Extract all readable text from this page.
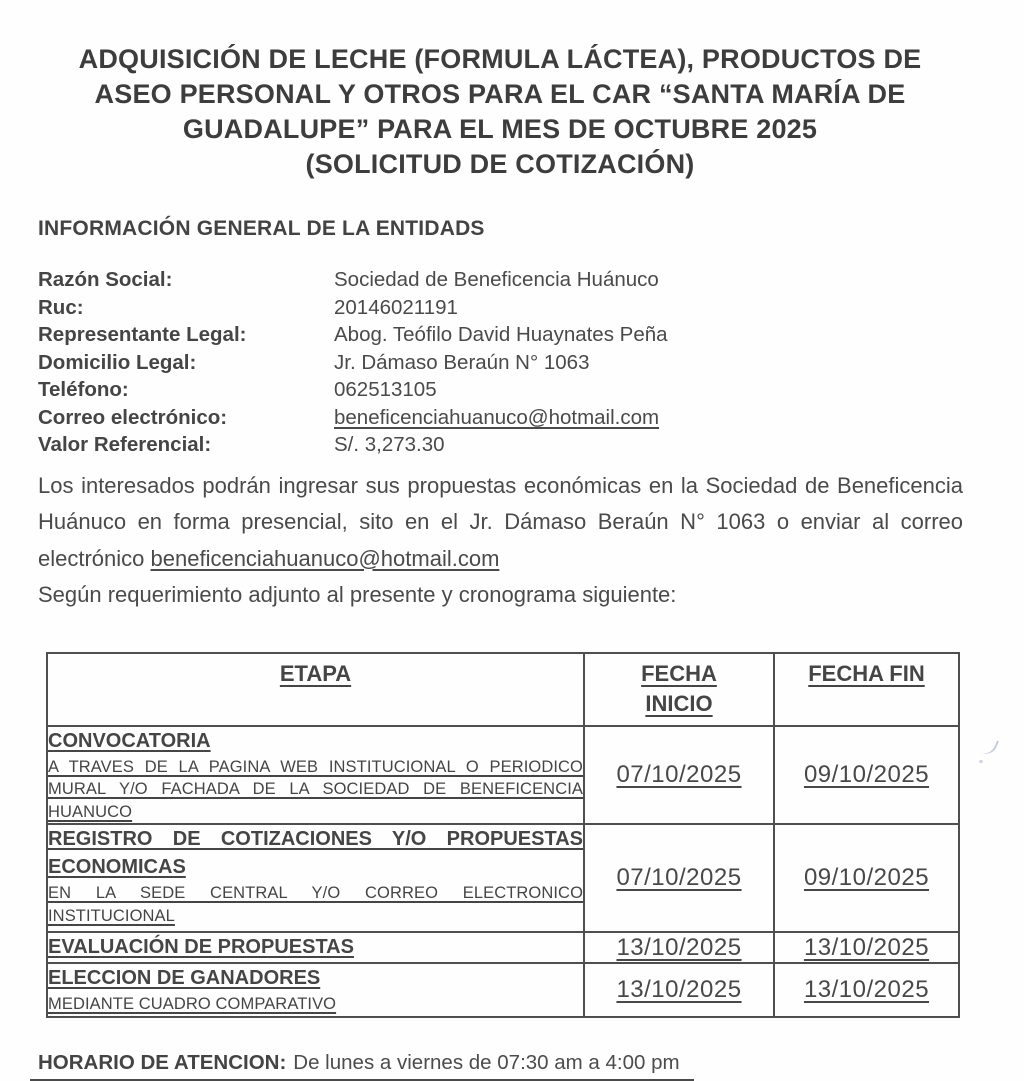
ADQUISICIÓN DE LECHE (FORMULA LÁCTEA), PRODUCTOS DE
ASEO PERSONAL Y OTROS PARA EL CAR “SANTA MARÍA DE
GUADALUPE” PARA EL MES DE OCTUBRE 2025
(SOLICITUD DE COTIZACIÓN)
INFORMACIÓN GENERAL DE LA ENTIDADS
Razón Social:	Sociedad de Beneficencia Huánuco
Ruc:	20146021191
Representante Legal:	Abog. Teófilo David Huaynates Peña
Domicilio Legal:	Jr. Dámaso Beraún N° 1063
Teléfono:	062513105
Correo electrónico:	beneficenciahuanuco@hotmail.com
Valor Referencial:	S/. 3,273.30
Los interesados podrán ingresar sus propuestas económicas en la Sociedad de Beneficencia Huánuco en forma presencial, sito en el Jr. Dámaso Beraún N° 1063 o enviar al correo electrónico beneficenciahuanuco@hotmail.com
Según requerimiento adjunto al presente y cronograma siguiente:
ETAPA	FECHA INICIO	FECHA FIN

CONVOCATORIA
A TRAVES DE LA PAGINA WEB INSTITUCIONAL O PERIODICO MURAL Y/O FACHADA DE LA SOCIEDAD DE BENEFICENCIA HUANUCO	07/10/2025	09/10/2025

REGISTRO DE COTIZACIONES Y/O PROPUESTAS ECONOMICAS
EN LA SEDE CENTRAL Y/O CORREO ELECTRONICO INSTITUCIONAL	07/10/2025	09/10/2025

EVALUACIÓN DE PROPUESTAS	13/10/2025	13/10/2025

ELECCION DE GANADORES
MEDIANTE CUADRO COMPARATIVO	13/10/2025	13/10/2025
HORARIO DE ATENCION: De lunes a viernes de 07:30 am a 4:00 pm
